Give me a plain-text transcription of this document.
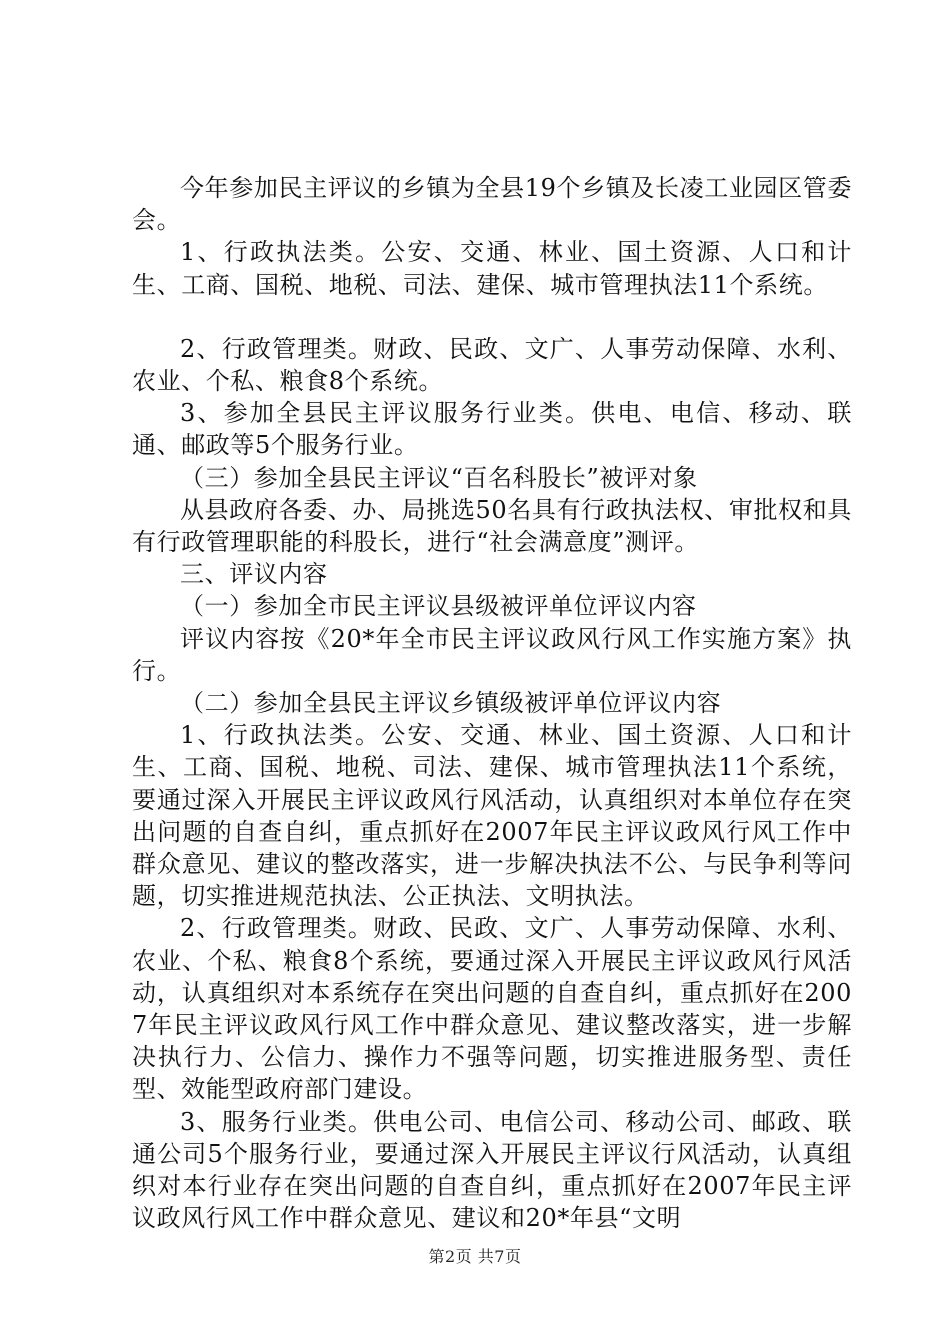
今年参加民主评议的乡镇为全县19个乡镇及长凌工业园区管委会。

1、行政执法类。公安、交通、林业、国土资源、人口和计生、工商、国税、地税、司法、建保、城市管理执法11个系统。

2、行政管理类。财政、民政、文广、人事劳动保障、水利、农业、个私、粮食8个系统。

3、参加全县民主评议服务行业类。供电、电信、移动、联通、邮政等5个服务行业。

（三）参加全县民主评议“百名科股长”被评对象

从县政府各委、办、局挑选50名具有行政执法权、审批权和具有行政管理职能的科股长，进行“社会满意度”测评。

三、评议内容

（一）参加全市民主评议县级被评单位评议内容

评议内容按《20*年全市民主评议政风行风工作实施方案》执行。

（二）参加全县民主评议乡镇级被评单位评议内容

1、行政执法类。公安、交通、林业、国土资源、人口和计生、工商、国税、地税、司法、建保、城市管理执法11个系统，要通过深入开展民主评议政风行风活动，认真组织对本单位存在突出问题的自查自纠，重点抓好在2007年民主评议政风行风工作中群众意见、建议的整改落实，进一步解决执法不公、与民争利等问题，切实推进规范执法、公正执法、文明执法。

2、行政管理类。财政、民政、文广、人事劳动保障、水利、农业、个私、粮食8个系统，要通过深入开展民主评议政风行风活动，认真组织对本系统存在突出问题的自查自纠，重点抓好在2007年民主评议政风行风工作中群众意见、建议整改落实，进一步解决执行力、公信力、操作力不强等问题，切实推进服务型、责任型、效能型政府部门建设。

3、服务行业类。供电公司、电信公司、移动公司、邮政、联通公司5个服务行业，要通过深入开展民主评议行风活动，认真组织对本行业存在突出问题的自查自纠，重点抓好在2007年民主评议政风行风工作中群众意见、建议和20*年县“文明

第2页 共7页
